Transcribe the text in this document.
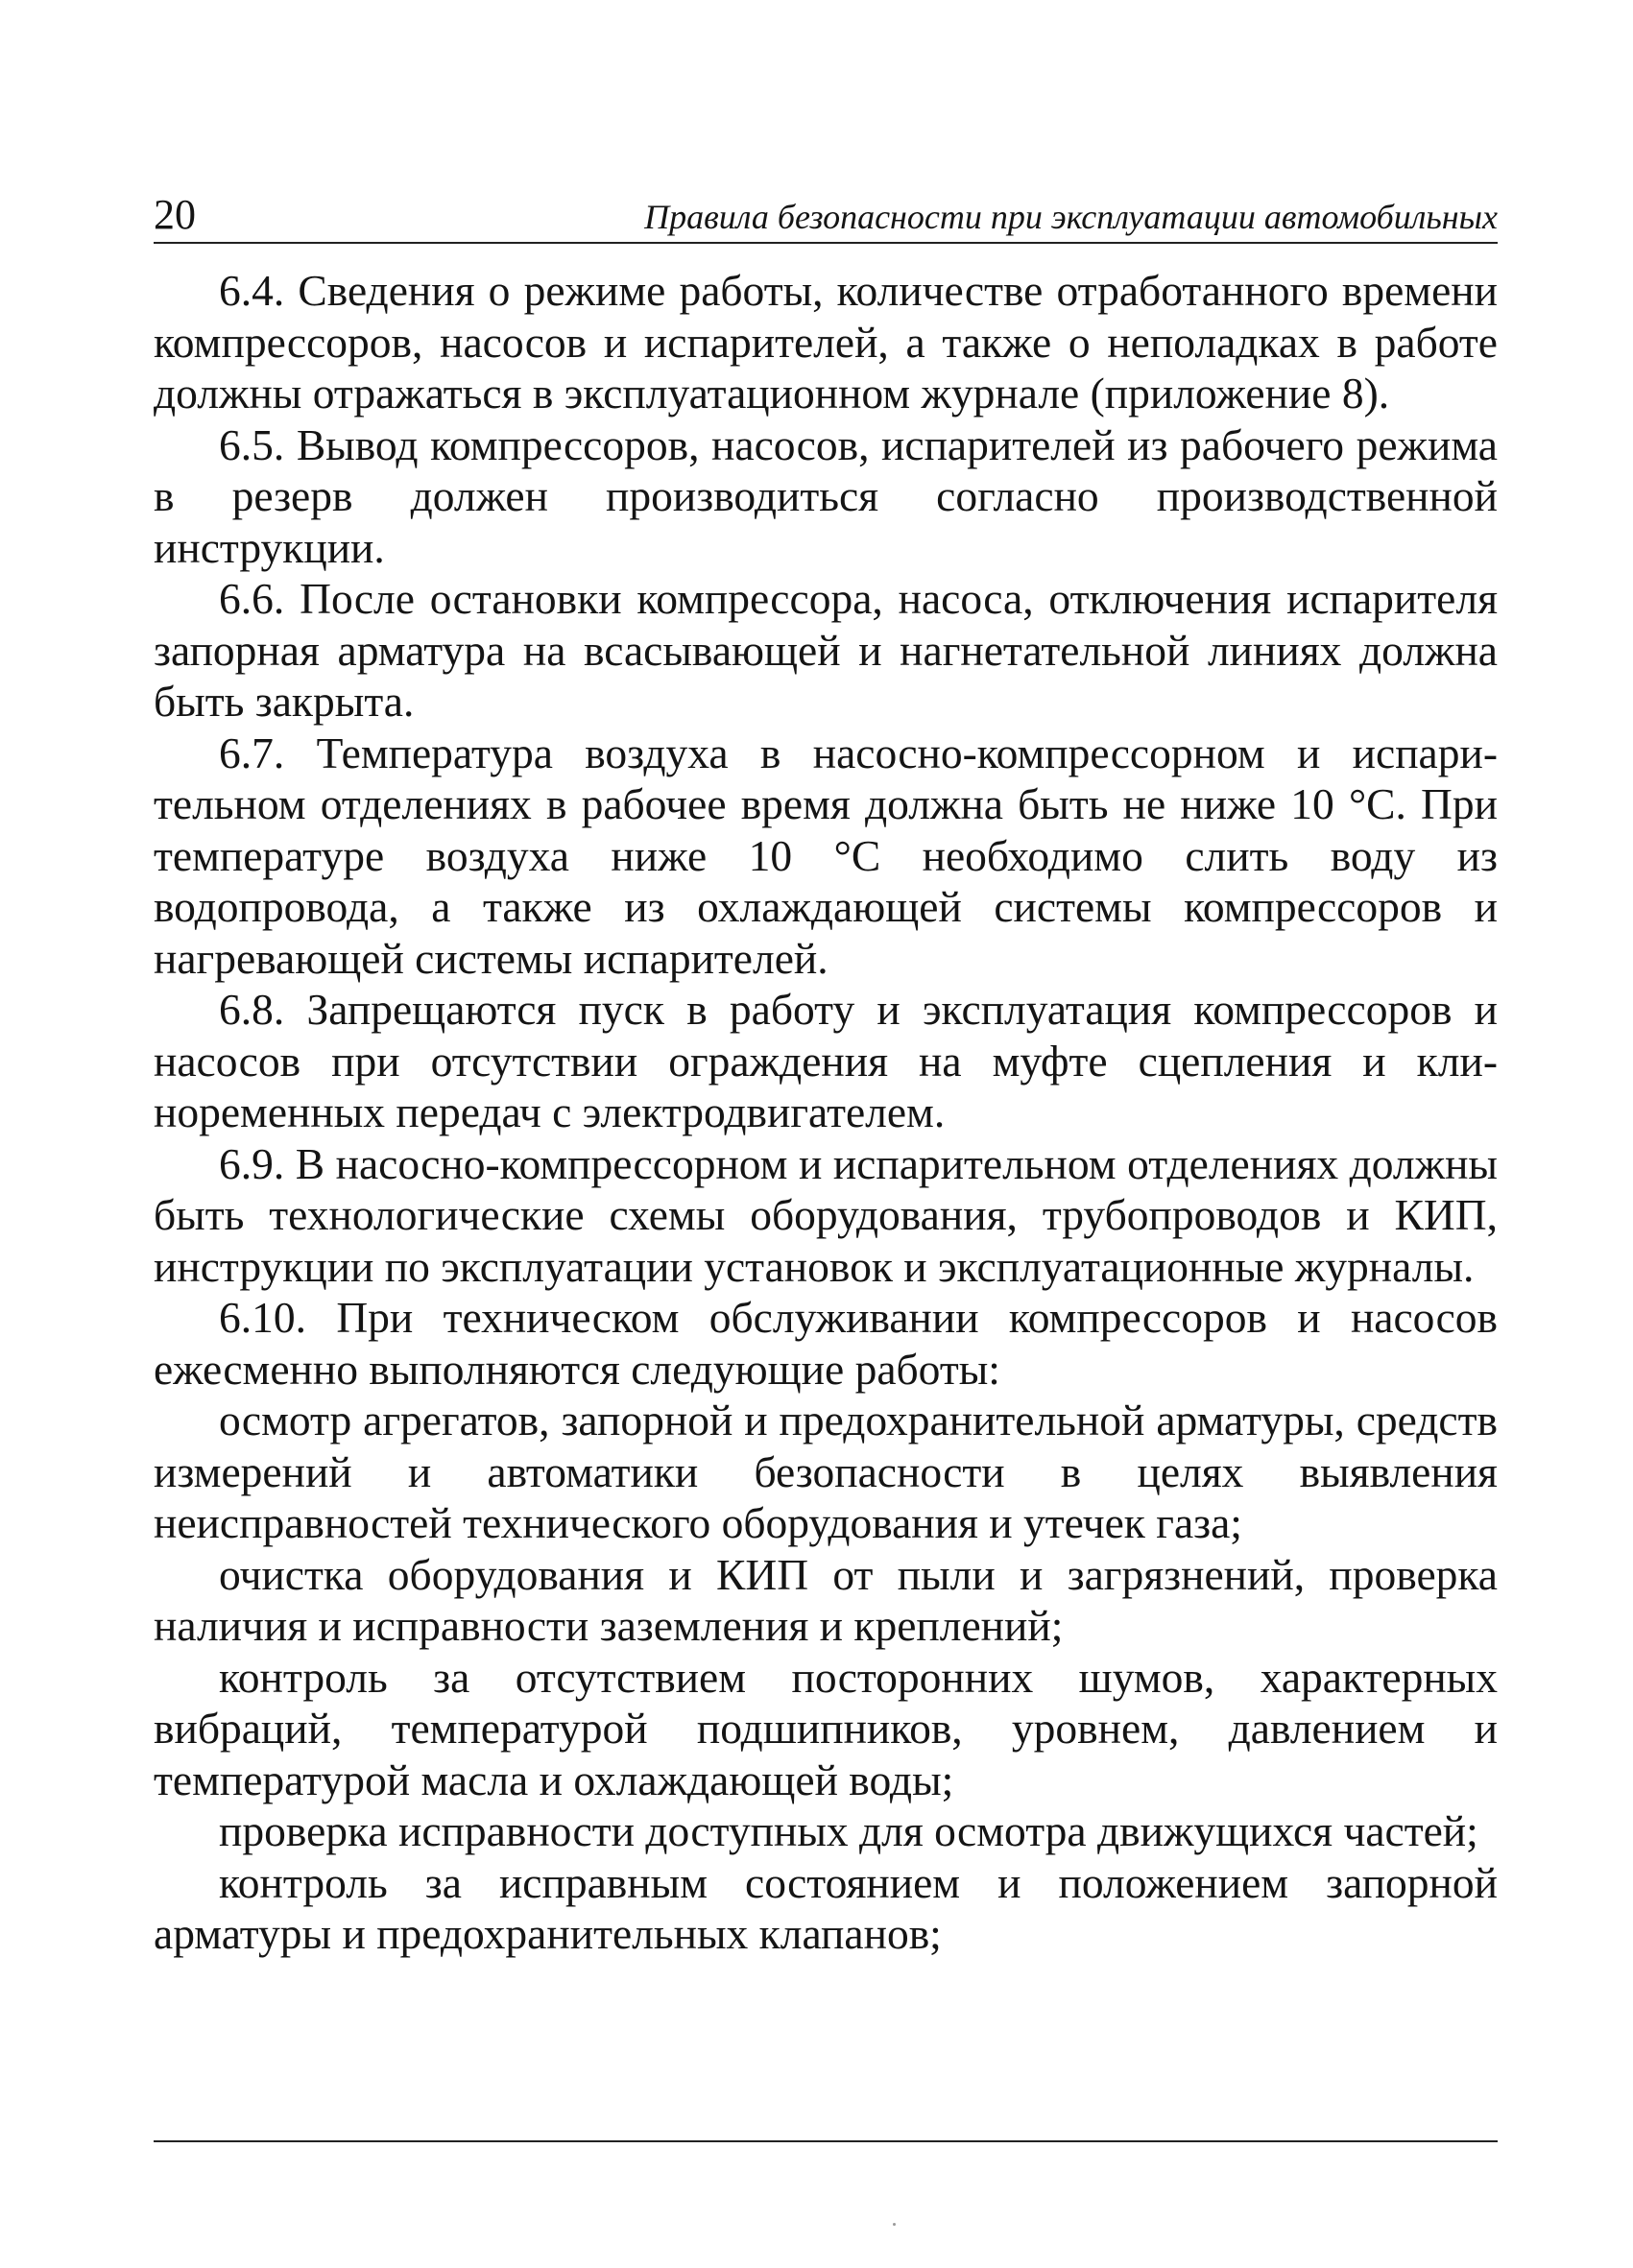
20	Правила безопасности при эксплуатации автомобильных

6.4. Сведения о режиме работы, количестве отработанного времени компрессоров, насосов и испарителей, а также о неполадках в работе должны отражаться в эксплуатационном журнале (приложение 8).

6.5. Вывод компрессоров, насосов, испарителей из рабочего режима в резерв должен производиться согласно производственной инструкции.

6.6. После остановки компрессора, насоса, отключения испарителя запорная арматура на всасывающей и нагнетательной линиях должна быть закрыта.

6.7. Температура воздуха в насосно-компрессорном и испарительном отделениях в рабочее время должна быть не ниже 10 °С. При температуре воздуха ниже 10 °С необходимо слить воду из водопровода, а также из охлаждающей системы компрессоров и нагревающей системы испарителей.

6.8. Запрещаются пуск в работу и эксплуатация компрессоров и насосов при отсутствии ограждения на муфте сцепления и клиноременных передач с электродвигателем.

6.9. В насосно-компрессорном и испарительном отделениях должны быть технологические схемы оборудования, трубопроводов и КИП, инструкции по эксплуатации установок и эксплуатационные журналы.

6.10. При техническом обслуживании компрессоров и насосов ежесменно выполняются следующие работы:

осмотр агрегатов, запорной и предохранительной арматуры, средств измерений и автоматики безопасности в целях выявления неисправностей технического оборудования и утечек газа;

очистка оборудования и КИП от пыли и загрязнений, проверка наличия и исправности заземления и креплений;

контроль за отсутствием посторонних шумов, характерных вибраций, температурой подшипников, уровнем, давлением и температурой масла и охлаждающей воды;

проверка исправности доступных для осмотра движущихся частей;

контроль за исправным состоянием и положением запорной арматуры и предохранительных клапанов;
